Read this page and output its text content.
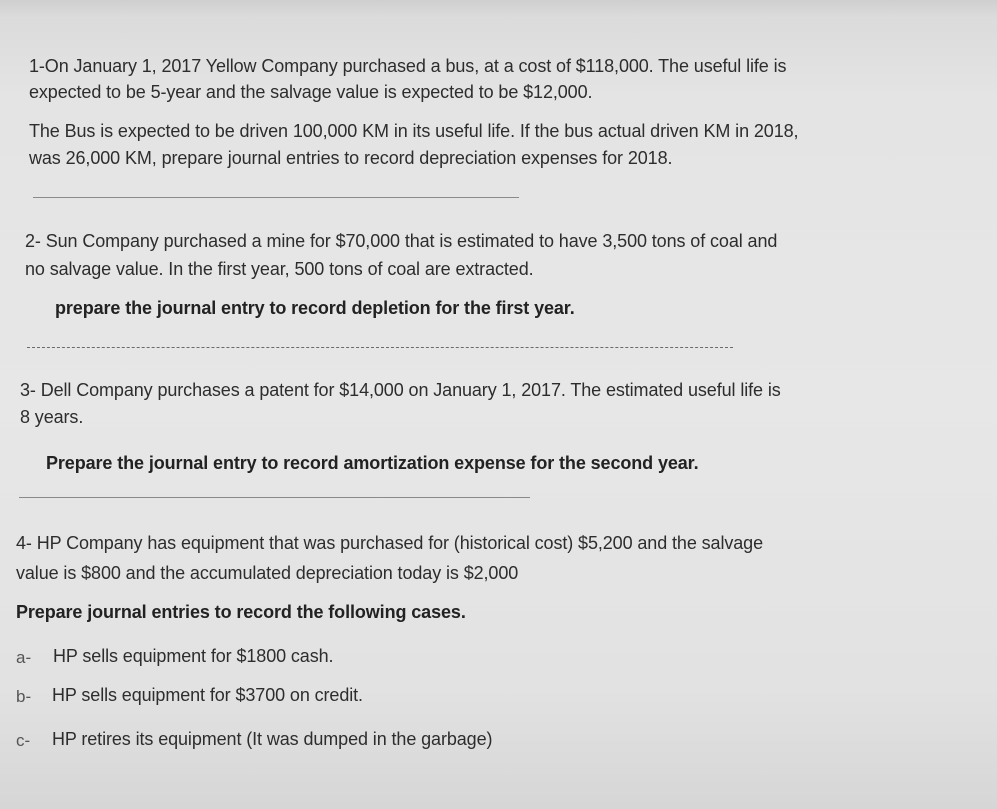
1-On January 1, 2017 Yellow Company purchased a bus, at a cost of $118,000. The useful life is
expected to be 5-year and the salvage value is expected to be $12,000.
The Bus is expected to be driven 100,000 KM in its useful life. If the bus actual driven KM in 2018,
was 26,000 KM, prepare journal entries to record depreciation expenses for 2018.
2- Sun Company purchased a mine for $70,000 that is estimated to have 3,500 tons of coal and
no salvage value. In the first year, 500 tons of coal are extracted.
prepare the journal entry to record depletion for the first year.
3- Dell Company purchases a patent for $14,000 on January 1, 2017. The estimated useful life is
8 years.
Prepare the journal entry to record amortization expense for the second year.
4- HP Company has equipment that was purchased for (historical cost) $5,200 and the salvage
value is $800 and the accumulated depreciation today is $2,000
Prepare journal entries to record the following cases.
a- HP sells equipment for $1800 cash.
b- HP sells equipment for $3700 on credit.
c- HP retires its equipment (It was dumped in the garbage)
